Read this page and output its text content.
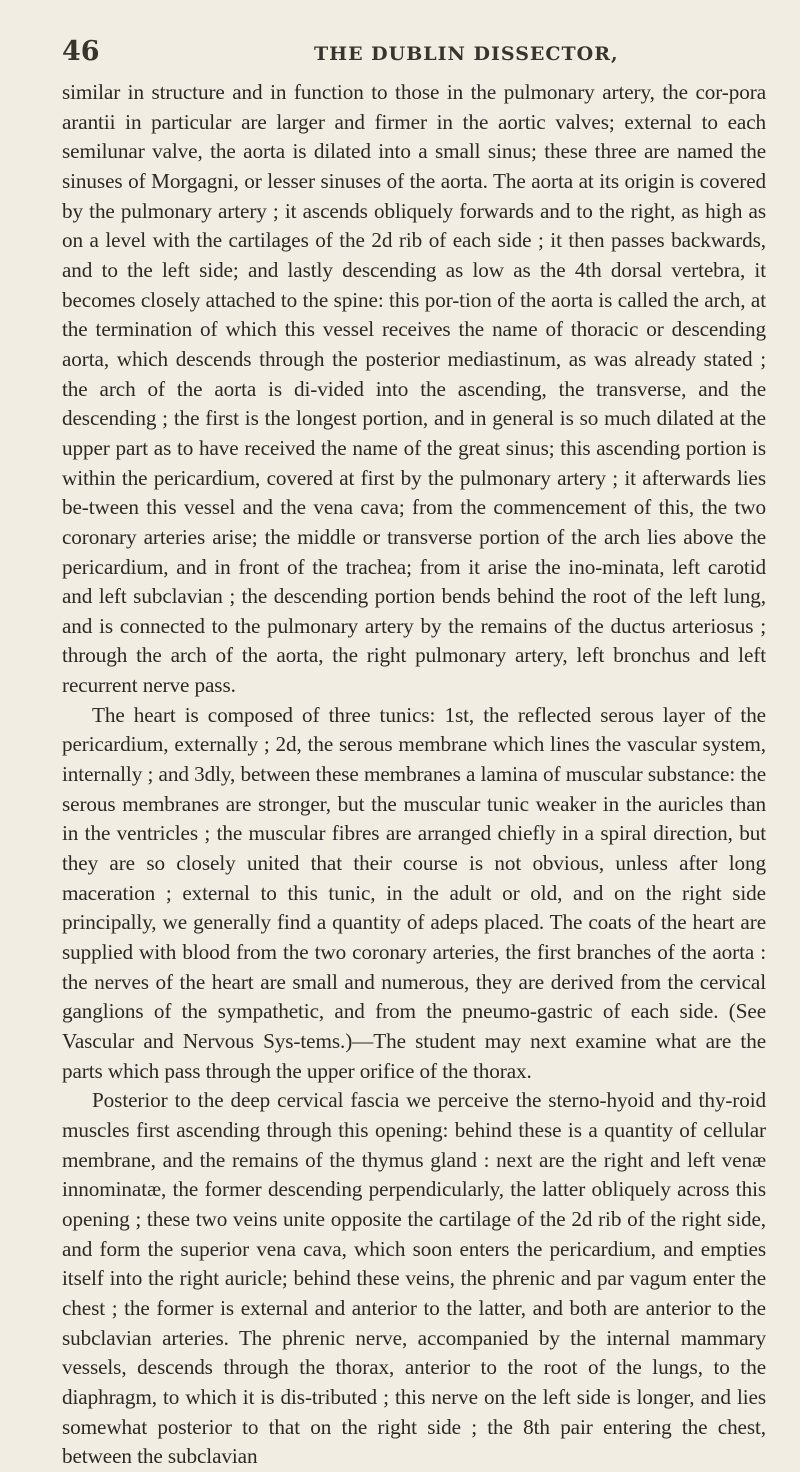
46	THE DUBLIN DISSECTOR,

similar in structure and in function to those in the pulmonary artery, the cor-pora arantii in particular are larger and firmer in the aortic valves; external to each semilunar valve, the aorta is dilated into a small sinus; these three are named the sinuses of Morgagni, or lesser sinuses of the aorta. The aorta at its origin is covered by the pulmonary artery ; it ascends obliquely forwards and to the right, as high as on a level with the cartilages of the 2d rib of each side ; it then passes backwards, and to the left side; and lastly descending as low as the 4th dorsal vertebra, it becomes closely attached to the spine: this por-tion of the aorta is called the arch, at the termination of which this vessel receives the name of thoracic or descending aorta, which descends through the posterior mediastinum, as was already stated ; the arch of the aorta is di-vided into the ascending, the transverse, and the descending ; the first is the longest portion, and in general is so much dilated at the upper part as to have received the name of the great sinus; this ascending portion is within the pericardium, covered at first by the pulmonary artery ; it afterwards lies be-tween this vessel and the vena cava; from the commencement of this, the two coronary arteries arise; the middle or transverse portion of the arch lies above the pericardium, and in front of the trachea; from it arise the ino-minata, left carotid and left subclavian ; the descending portion bends behind the root of the left lung, and is connected to the pulmonary artery by the remains of the ductus arteriosus ; through the arch of the aorta, the right pulmonary artery, left bronchus and left recurrent nerve pass.

The heart is composed of three tunics: 1st, the reflected serous layer of the pericardium, externally ; 2d, the serous membrane which lines the vascular system, internally ; and 3dly, between these membranes a lamina of muscular substance: the serous membranes are stronger, but the muscular tunic weaker in the auricles than in the ventricles ; the muscular fibres are arranged chiefly in a spiral direction, but they are so closely united that their course is not obvious, unless after long maceration ; external to this tunic, in the adult or old, and on the right side principally, we generally find a quantity of adeps placed. The coats of the heart are supplied with blood from the two coronary arteries, the first branches of the aorta : the nerves of the heart are small and numerous, they are derived from the cervical ganglions of the sympathetic, and from the pneumo-gastric of each side. (See Vascular and Nervous Sys-tems.)—The student may next examine what are the parts which pass through the upper orifice of the thorax.

Posterior to the deep cervical fascia we perceive the sterno-hyoid and thy-roid muscles first ascending through this opening: behind these is a quantity of cellular membrane, and the remains of the thymus gland : next are the right and left venæ innominatæ, the former descending perpendicularly, the latter obliquely across this opening ; these two veins unite opposite the cartilage of the 2d rib of the right side, and form the superior vena cava, which soon enters the pericardium, and empties itself into the right auricle; behind these veins, the phrenic and par vagum enter the chest ; the former is external and anterior to the latter, and both are anterior to the subclavian arteries. The phrenic nerve, accompanied by the internal mammary vessels, descends through the thorax, anterior to the root of the lungs, to the diaphragm, to which it is dis-tributed ; this nerve on the left side is longer, and lies somewhat posterior to that on the right side ; the 8th pair entering the chest, between the subclavian
